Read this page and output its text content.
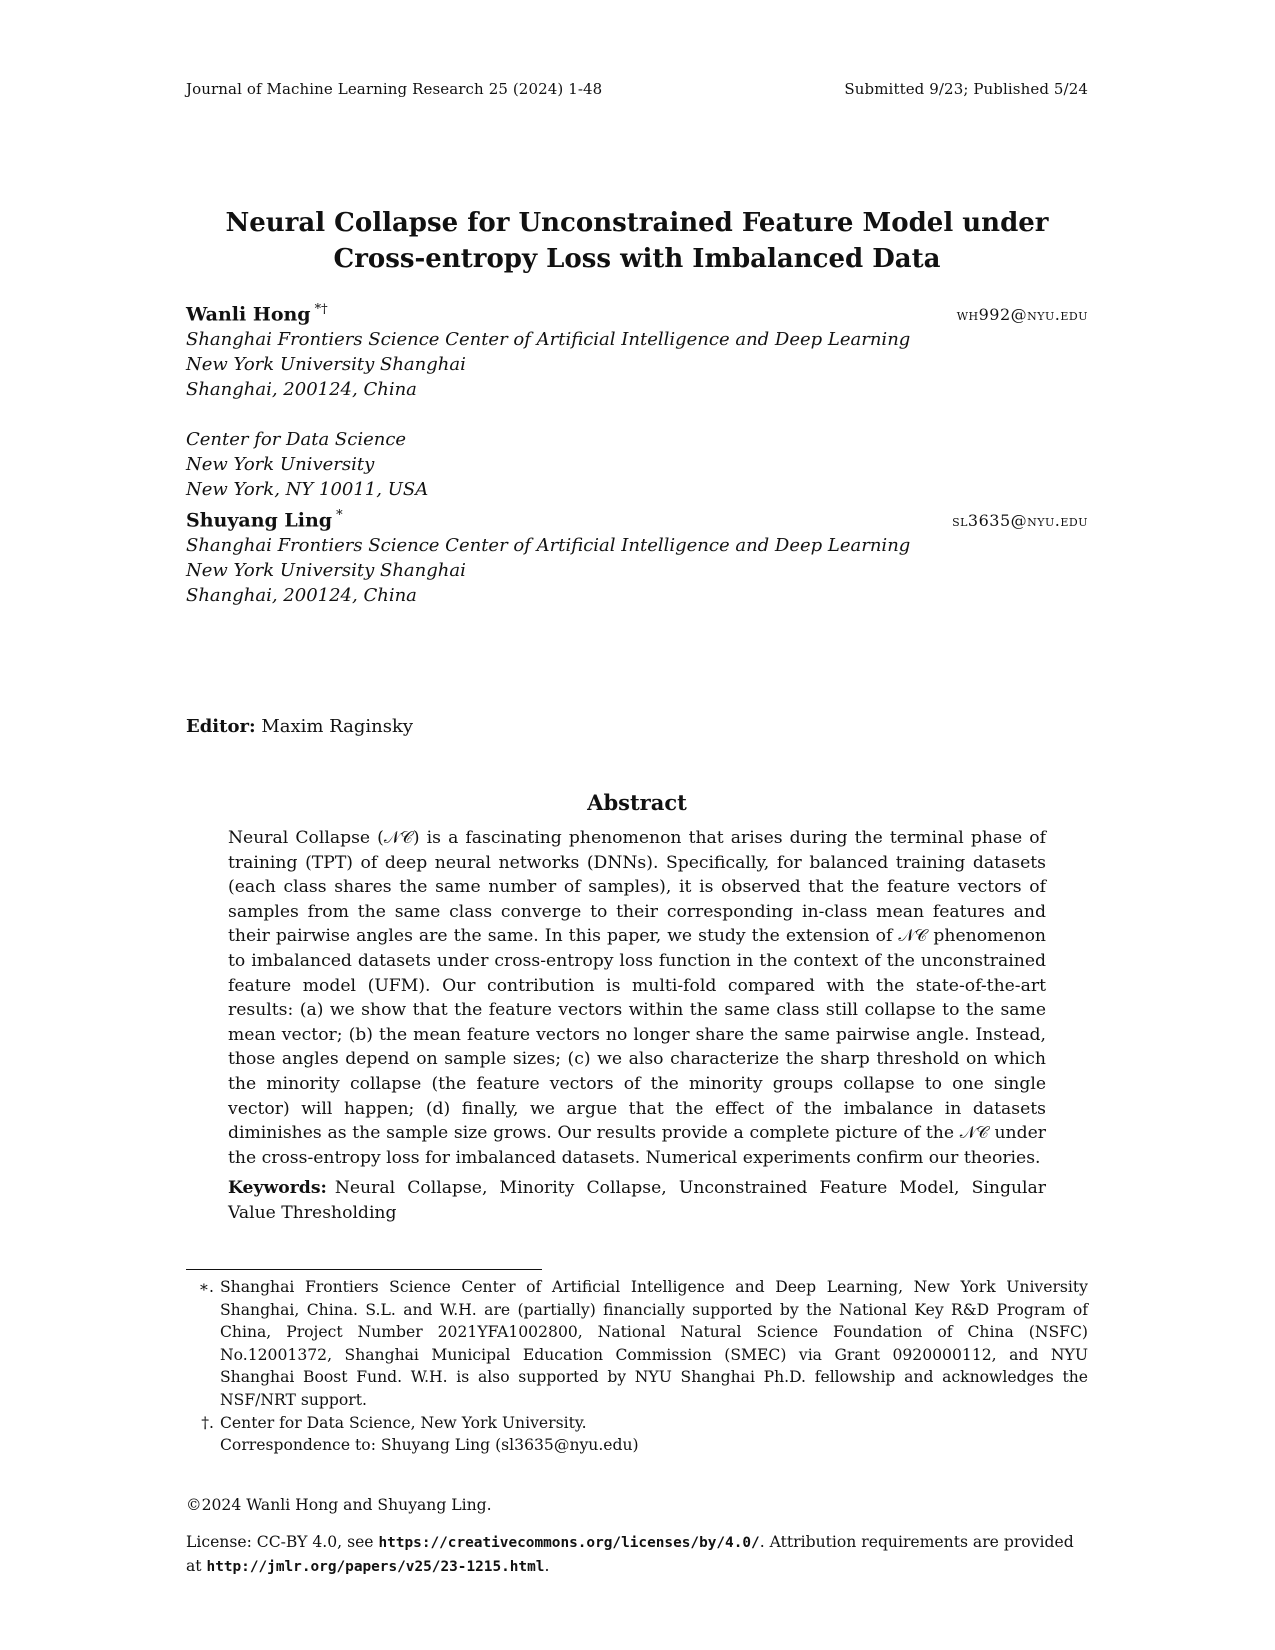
Journal of Machine Learning Research 25 (2024) 1-48	Submitted 9/23; Published 5/24
Neural Collapse for Unconstrained Feature Model under
Cross-entropy Loss with Imbalanced Data
Wanli Hong *†	wh992@nyu.edu
Shanghai Frontiers Science Center of Artificial Intelligence and Deep Learning
New York University Shanghai
Shanghai, 200124, China
Center for Data Science
New York University
New York, NY 10011, USA
Shuyang Ling *	sl3635@nyu.edu
Shanghai Frontiers Science Center of Artificial Intelligence and Deep Learning
New York University Shanghai
Shanghai, 200124, China
Editor: Maxim Raginsky
Abstract

Neural Collapse (𝒩𝒞) is a fascinating phenomenon that arises during the terminal phase of training (TPT) of deep neural networks (DNNs). Specifically, for balanced training datasets (each class shares the same number of samples), it is observed that the feature vectors of samples from the same class converge to their corresponding in-class mean features and their pairwise angles are the same. In this paper, we study the extension of 𝒩𝒞 phenomenon to imbalanced datasets under cross-entropy loss function in the context of the unconstrained feature model (UFM). Our contribution is multi-fold compared with the state-of-the-art results: (a) we show that the feature vectors within the same class still collapse to the same mean vector; (b) the mean feature vectors no longer share the same pairwise angle. Instead, those angles depend on sample sizes; (c) we also characterize the sharp threshold on which the minority collapse (the feature vectors of the minority groups collapse to one single vector) will happen; (d) finally, we argue that the effect of the imbalance in datasets diminishes as the sample size grows. Our results provide a complete picture of the 𝒩𝒞 under the cross-entropy loss for imbalanced datasets. Numerical experiments confirm our theories.

Keywords: Neural Collapse, Minority Collapse, Unconstrained Feature Model, Singular Value Thresholding

∗. Shanghai Frontiers Science Center of Artificial Intelligence and Deep Learning, New York University Shanghai, China. S.L. and W.H. are (partially) financially supported by the National Key R&D Program of China, Project Number 2021YFA1002800, National Natural Science Foundation of China (NSFC) No.12001372, Shanghai Municipal Education Commission (SMEC) via Grant 0920000112, and NYU Shanghai Boost Fund. W.H. is also supported by NYU Shanghai Ph.D. fellowship and acknowledges the NSF/NRT support.
†. Center for Data Science, New York University.
Correspondence to: Shuyang Ling (sl3635@nyu.edu)
©2024 Wanli Hong and Shuyang Ling.
License: CC-BY 4.0, see https://creativecommons.org/licenses/by/4.0/. Attribution requirements are provided at http://jmlr.org/papers/v25/23-1215.html.
